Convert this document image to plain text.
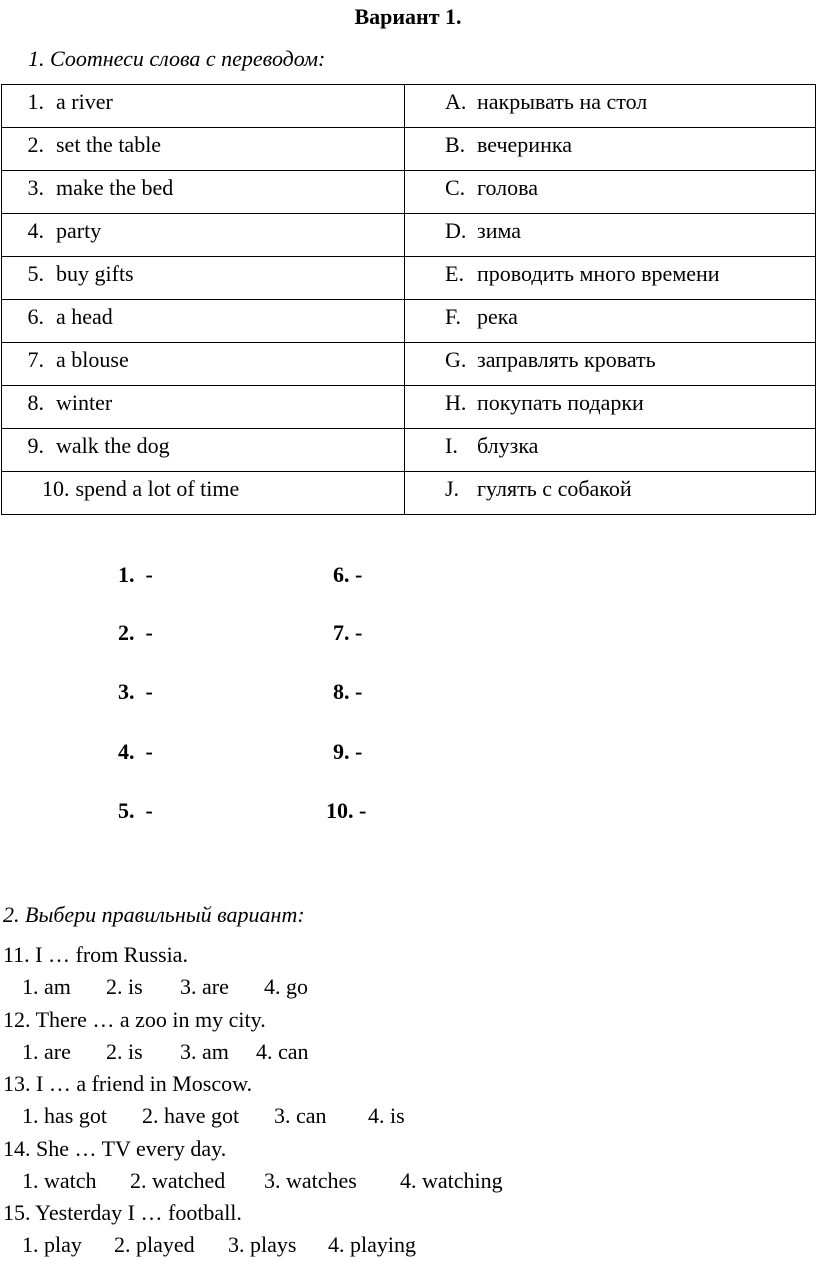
Вариант 1.
1. Соотнеси слова с переводом:
1. a river	A. накрывать на стол

2. set the table	B. вечеринка

3. make the bed	C. голова

4. party	D. зима

5. buy gifts	E. проводить много времени

6. a head	F. река

7. a blouse	G. заправлять кровать

8. winter	H. покупать подарки

9. walk the dog	I. блузка

10. spend a lot of time	J. гулять с собакой
1.  -	6. -
2.  -	7. -
3.  -	8. -
4.  -	9. -
5.  -	10. -
2. Выбери правильный вариант:
11. I … from Russia.
1. am 2. is 3. are 4. go
12. There … a zoo in my city.
1. are 2. is 3. am 4. can
13. I … a friend in Moscow.
1. has got 2. have got 3. can 4. is
14. She … TV every day.
1. watch 2. watched 3. watches 4. watching
15. Yesterday I … football.
1. play 2. played 3. plays 4. playing
